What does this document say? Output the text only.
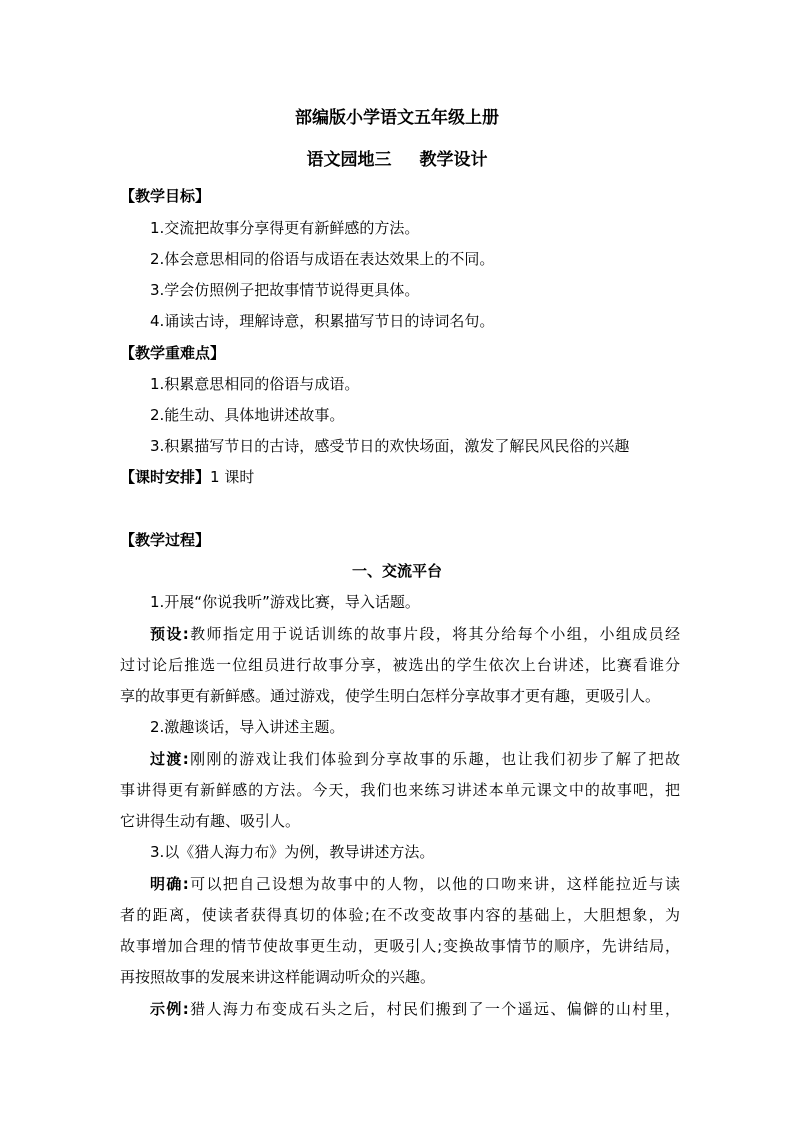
部编版小学语文五年级上册
语文园地三 教学设计
【教学目标】
1.交流把故事分享得更有新鲜感的方法。
2.体会意思相同的俗语与成语在表达效果上的不同。
3.学会仿照例子把故事情节说得更具体。
4.诵读古诗，理解诗意，积累描写节日的诗词名句。
【教学重难点】
1.积累意思相同的俗语与成语。
2.能生动、具体地讲述故事。
3.积累描写节日的古诗，感受节日的欢快场面，激发了解民风民俗的兴趣
【课时安排】1 课时
【教学过程】
一、交流平台
1.开展“你说我听”游戏比赛，导入话题。
预设:教师指定用于说话训练的故事片段，将其分给每个小组，小组成员经
过讨论后推选一位组员进行故事分享，被选出的学生依次上台讲述，比赛看谁分
享的故事更有新鲜感。通过游戏，使学生明白怎样分享故事才更有趣，更吸引人。
2.激趣谈话，导入讲述主题。
过渡:刚刚的游戏让我们体验到分享故事的乐趣，也让我们初步了解了把故
事讲得更有新鲜感的方法。今天，我们也来练习讲述本单元课文中的故事吧，把
它讲得生动有趣、吸引人。
3.以《猎人海力布》为例，教导讲述方法。
明确:可以把自己设想为故事中的人物，以他的口吻来讲，这样能拉近与读
者的距离，使读者获得真切的体验;在不改变故事内容的基础上，大胆想象，为
故事增加合理的情节使故事更生动，更吸引人;变换故事情节的顺序，先讲结局，
再按照故事的发展来讲这样能调动听众的兴趣。
示例:猎人海力布变成石头之后，村民们搬到了一个遥远、偏僻的山村里，
